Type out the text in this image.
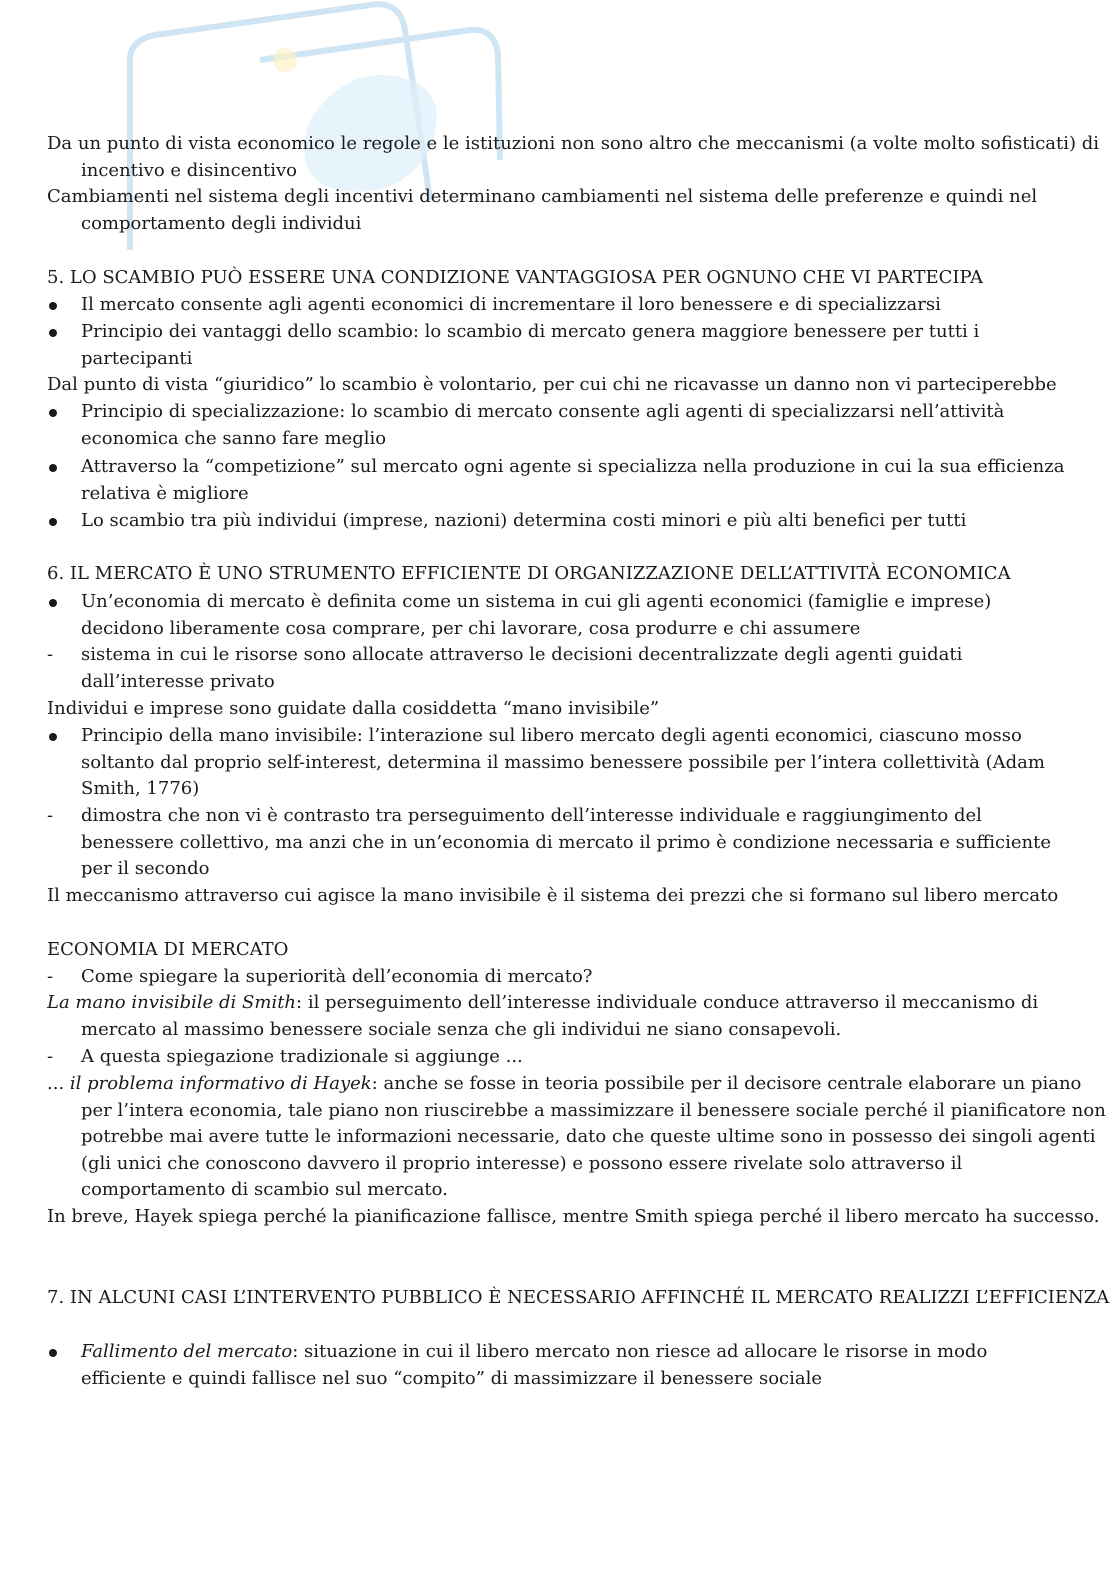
Da un punto di vista economico le regole e le istituzioni non sono altro che meccanismi (a volte molto sofisticati) di incentivo e disincentivo
Cambiamenti nel sistema degli incentivi determinano cambiamenti nel sistema delle preferenze e quindi nel comportamento degli individui
5. LO SCAMBIO PUÒ ESSERE UNA CONDIZIONE VANTAGGIOSA PER OGNUNO CHE VI PARTECIPA
Il mercato consente agli agenti economici di incrementare il loro benessere e di specializzarsi
Principio dei vantaggi dello scambio: lo scambio di mercato genera maggiore benessere per tutti i partecipanti
Dal punto di vista “giuridico” lo scambio è volontario, per cui chi ne ricavasse un danno non vi parteciperebbe
Principio di specializzazione: lo scambio di mercato consente agli agenti di specializzarsi nell’attività economica che sanno fare meglio
Attraverso la “competizione” sul mercato ogni agente si specializza nella produzione in cui la sua efficienza relativa è migliore
Lo scambio tra più individui (imprese, nazioni) determina costi minori e più alti benefici per tutti
6. IL MERCATO È UNO STRUMENTO EFFICIENTE DI ORGANIZZAZIONE DELL’ATTIVITÀ ECONOMICA
Un’economia di mercato è definita come un sistema in cui gli agenti economici (famiglie e imprese) decidono liberamente cosa comprare, per chi lavorare, cosa produrre e chi assumere
-	sistema in cui le risorse sono allocate attraverso le decisioni decentralizzate degli agenti guidati dall’interesse privato
Individui e imprese sono guidate dalla cosiddetta “mano invisibile”
Principio della mano invisibile: l’interazione sul libero mercato degli agenti economici, ciascuno mosso soltanto dal proprio self-interest, determina il massimo benessere possibile per l’intera collettività (Adam Smith, 1776)
-	dimostra che non vi è contrasto tra perseguimento dell’interesse individuale e raggiungimento del benessere collettivo, ma anzi che in un’economia di mercato il primo è condizione necessaria e sufficiente per il secondo
Il meccanismo attraverso cui agisce la mano invisibile è il sistema dei prezzi che si formano sul libero mercato
ECONOMIA DI MERCATO
-	Come spiegare la superiorità dell’economia di mercato?
La mano invisibile di Smith: il perseguimento dell’interesse individuale conduce attraverso il meccanismo di mercato al massimo benessere sociale senza che gli individui ne siano consapevoli.
-	A questa spiegazione tradizionale si aggiunge ...
... il problema informativo di Hayek: anche se fosse in teoria possibile per il decisore centrale elaborare un piano per l’intera economia, tale piano non riuscirebbe a massimizzare il benessere sociale perché il pianificatore non potrebbe mai avere tutte le informazioni necessarie, dato che queste ultime sono in possesso dei singoli agenti (gli unici che conoscono davvero il proprio interesse) e possono essere rivelate solo attraverso il comportamento di scambio sul mercato.
In breve, Hayek spiega perché la pianificazione fallisce, mentre Smith spiega perché il libero mercato ha successo.
7. IN ALCUNI CASI L’INTERVENTO PUBBLICO È NECESSARIO AFFINCHÉ IL MERCATO REALIZZI L’EFFICIENZA
Fallimento del mercato: situazione in cui il libero mercato non riesce ad allocare le risorse in modo efficiente e quindi fallisce nel suo “compito” di massimizzare il benessere sociale
